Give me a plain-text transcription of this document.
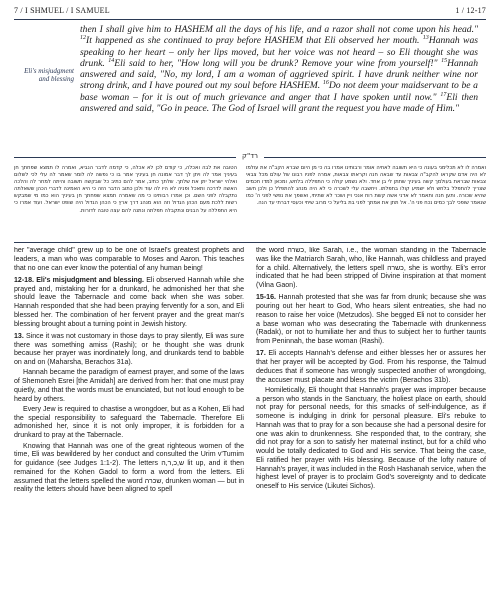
7 / I SHMUEL / I SAMUEL	1 / 12-17
Eli's misjudgment and blessing
then I shall give him to HASHEM all the days of his life, and a razor shall not come upon his head." $^{12}$It happened as she continued to pray before HASHEM that Eli observed her mouth. $^{13}$Hannah was speaking to her heart – only her lips moved, but her voice was not heard – so Eli thought she was drunk. $^{14}$Eli said to her, "How long will you be drunk? Remove your wine from yourself!" $^{15}$Hannah answered and said, "No, my lord, I am a woman of aggrieved spirit. I have drunk neither wine nor strong drink, and I have poured out my soul before HASHEM. $^{16}$Do not deem your maidservant to be a base woman – for it is out of much grievance and anger that I have spoken until now." $^{17}$Eli then answered and said, "Go in peace. The God of Israel will grant the request you have made of Him."
רד"ק
הטובה את לבה ואכלה, כי קודם לכן לא אכלה, כי קדמה לדבר הנביא, ואמרה לו תמצא שפחתך חן בעיניך אמר לה ויתן לך דבר אמונה חן בעיניך אמר בו כי נפשה לה לומר שאמר לה עלי לכי לשלום ואלהי ישראל יתן את שלתך. שלתך כתיב, אמר להם כתיב כל שבקשה תשובה והיתה למחר לה והלכה האשה לדרכה ותאכל ופניה לא היו לה עוד ולכן כתוב הדבר הזה כי היא האמינה לדברי הכהן ששאלתה נתקבלה לפני השם. וכן אמרו רבותינו כי מה שאמרה תמצא שפחתך חן בעיניך הוא כמו מי שמבקש רשות ללכת מעם הכהן הגדול וזה הוא מנהג דרך ארץ כי הכהן הגדול היה שופט ישראל. ועוד אמרו כי היא התפללה על הבנים ונתקבלה תפלתה ונתנה להם עצה טובה לדורות.
ואמרה לו לא תכלימני בעונה כי היא תשובה לאחיה אומר ורבותינו אמרו בה כי מן היום שברא הקב"ה את עולמו לא היה אדם שקראו להקב"ה צבאות עד שבאה חנה וקראתו צבאות, אמרה לפניו רבונו של עולם מכל צבאי צבאות שבראת בעולמך קשה בעיניך שתתן לי בן אחד. ולא נשמע קולה כי התפללה בלחש, ומכאן למדו חכמים שצריך להתפלל בלחש ולא ישמיע קולו בתפלתו. ויחשבה עלי לשכרה כי לא היה מנהג להתפלל כן ולכן חשב שהיא שכורה. ותען חנה ותאמר לא אדני אשה קשת רוח אנכי ויין ושכר לא שתיתי, ואשפך את נפשי לפני ה' כמו שנאמר שופכי לבך כמים נכח פני ה'. אל תתן את אמתך לפני בת בליעל כי מרוב שיחי וכעסי דברתי עד הנה.

her "average child" grew up to be one of Israel's greatest prophets and leaders, a man who was comparable to Moses and Aaron. This teaches that no one can ever know the potential of any human being!

12-18. Eli's misjudgment and blessing. Eli observed Hannah while she prayed and, mistaking her for a drunkard, he admonished her that she should leave the Tabernacle and come back when she was sober. Hannah responded that she had been praying fervently for a son, and Eli blessed her. The combination of her fervent prayer and the great man's blessing brought about a turning point in Jewish history.

13. Since it was not customary in those days to pray silently, Eli was sure there was something amiss (Rashi); or he thought she was drunk because her prayer was inordinately long, and drunkards tend to babble on and on (Maharsha, Berachos 31a).

Hannah became the paradigm of earnest prayer, and some of the laws of Shemoneh Esrei [the Amidah] are derived from her: that one must pray quietly, and that the words must be enunciated, but not loud enough to be heard by others.

Every Jew is required to chastise a wrongdoer, but as a Kohen, Eli had the special responsibility to safeguard the Tabernacle. Therefore Eli admonished her, since it is not only improper, it is forbidden for a drunkard to pray at the Tabernacle.

Knowing that Hannah was one of the great righteous women of the time, Eli was bewildered by her conduct and consulted the Urim v'Tumim for guidance (see Judges 1:1-2). The letters ש,כ,ר,ה lit up, and it then remained for the Kohen Gadol to form a word from the letters. Eli assumed that the letters spelled the word שכרה, drunken woman — but in reality the letters should have been aligned to spell

the word כשרה, like Sarah, i.e., the woman standing in the Tabernacle was like the Matriarch Sarah, who, like Hannah, was childless and prayed for a child. Alternatively, the letters spell כשרה, she is worthy. Eli's error indicated that he had been stripped of Divine inspiration at that moment (Vilna Gaon).

15-16. Hannah protested that she was far from drunk; because she was pouring out her heart to God, Who hears silent entreaties, she had no reason to raise her voice (Metzudos). She begged Eli not to consider her a base woman who was desecrating the Tabernacle with drunkenness (Radak), or not to humiliate her and thus to subject her to further taunts from Peninnah, the base woman (Rashi).

17. Eli accepts Hannah's defense and either blesses her or assures her that her prayer will be accepted by God. From his response, the Talmud deduces that if someone has wrongly suspected another of wrongdoing, the accuser must placate and bless the victim (Berachos 31b).

Homiletically, Eli thought that Hannah's prayer was improper because a person who stands in the Sanctuary, the holiest place on earth, should not pray for personal needs, for this smacks of self-indulgence, as if someone is indulging in drink for personal pleasure. Eli's rebuke to Hannah was that to pray for a son because she had a personal desire for one was akin to drunkenness. She responded that, to the contrary, she did not pray for a son to satisfy her maternal instinct, but for a child who would be totally dedicated to God and His service. That being the case, Eli ratified her prayer with His blessing. Because of the lofty nature of Hannah's prayer, it was included in the Rosh Hashanah service, when the highest level of prayer is to proclaim God's sovereignty and to dedicate oneself to His service (Likutei Sichos).
